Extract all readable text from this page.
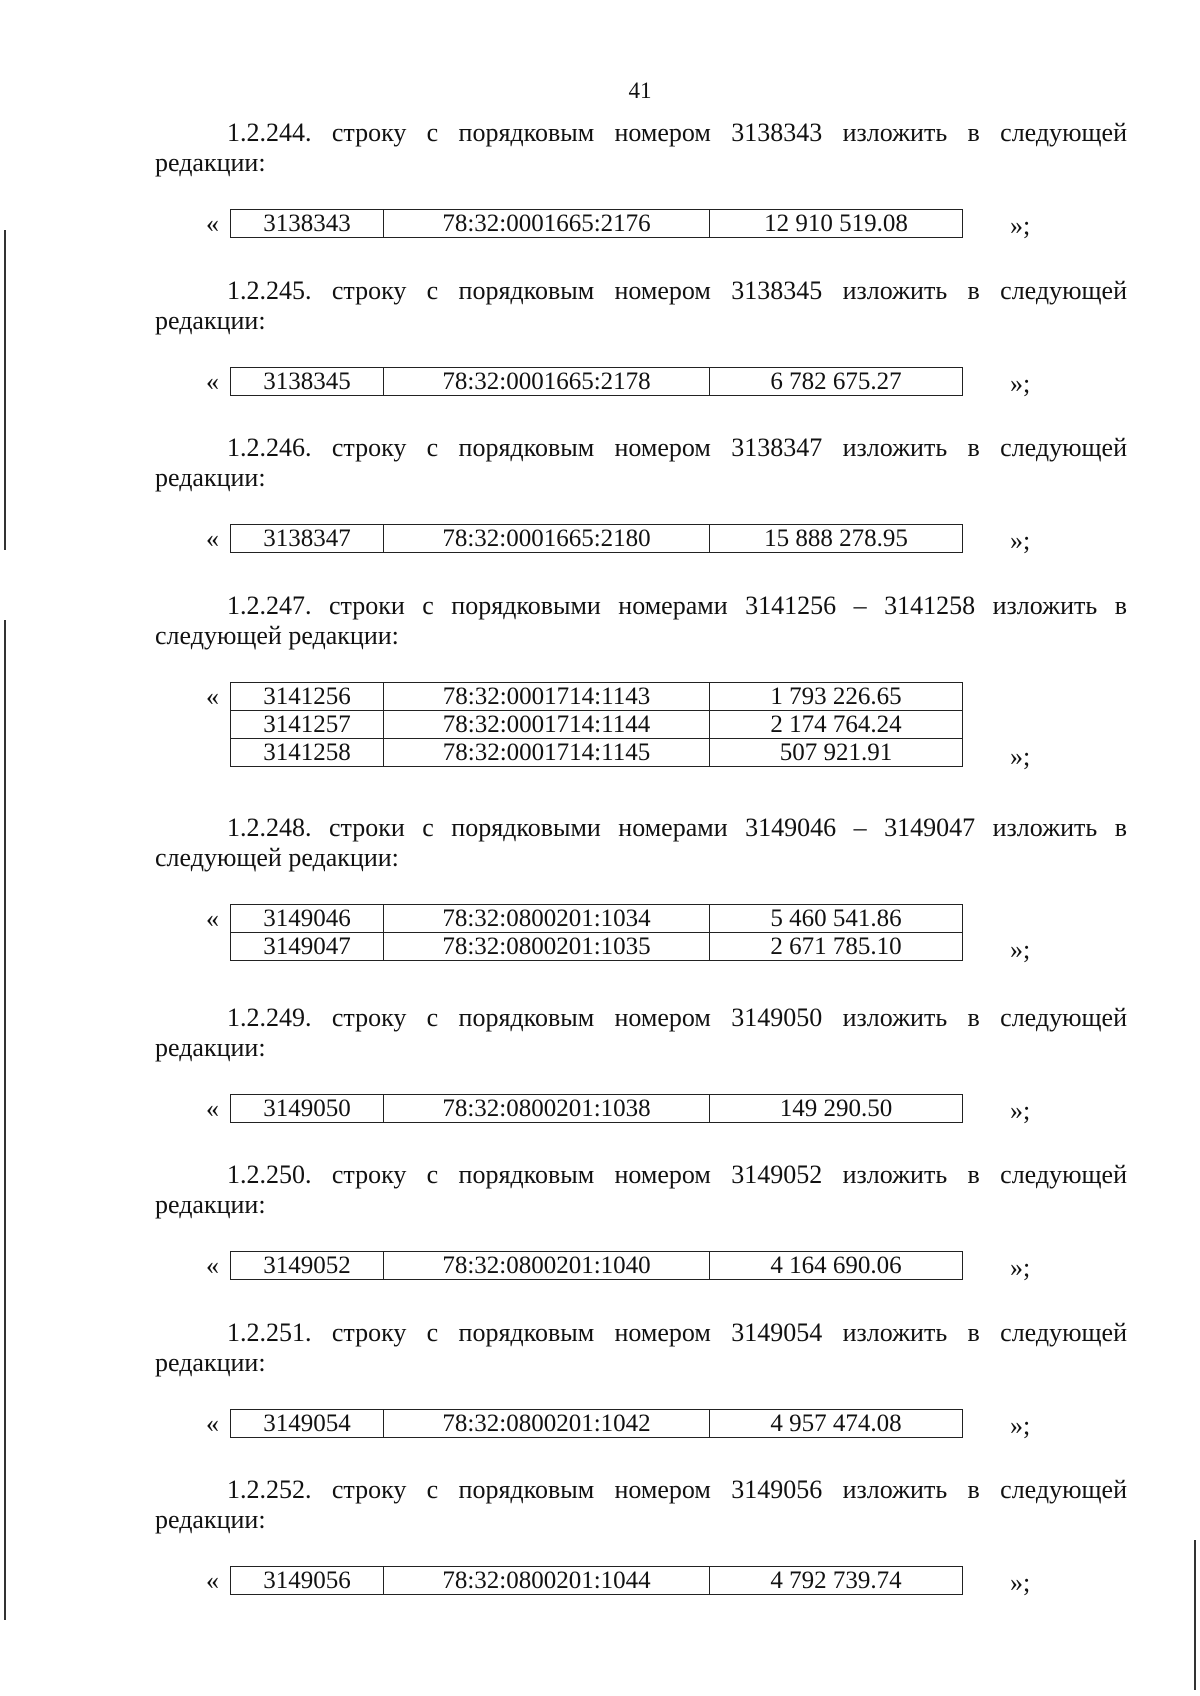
41

1.2.244. строку с порядковым номером 3138343 изложить в следующей редакции:

« 3138343	78:32:0001665:2176	12 910 519.08	»;

1.2.245. строку с порядковым номером 3138345 изложить в следующей редакции:

« 3138345	78:32:0001665:2178	6 782 675.27	»;

1.2.246. строку с порядковым номером 3138347 изложить в следующей редакции:

« 3138347	78:32:0001665:2180	15 888 278.95	»;

1.2.247. строки с порядковыми номерами 3141256 – 3141258 изложить в следующей редакции:

« 3141256	78:32:0001714:1143	1 793 226.65
3141257	78:32:0001714:1144	2 174 764.24
3141258	78:32:0001714:1145	507 921.91	»;

1.2.248. строки с порядковыми номерами 3149046 – 3149047 изложить в следующей редакции:

« 3149046	78:32:0800201:1034	5 460 541.86
3149047	78:32:0800201:1035	2 671 785.10	»;

1.2.249. строку с порядковым номером 3149050 изложить в следующей редакции:

« 3149050	78:32:0800201:1038	149 290.50	»;

1.2.250. строку с порядковым номером 3149052 изложить в следующей редакции:

« 3149052	78:32:0800201:1040	4 164 690.06	»;

1.2.251. строку с порядковым номером 3149054 изложить в следующей редакции:

« 3149054	78:32:0800201:1042	4 957 474.08	»;

1.2.252. строку с порядковым номером 3149056 изложить в следующей редакции:

« 3149056	78:32:0800201:1044	4 792 739.74	»;
